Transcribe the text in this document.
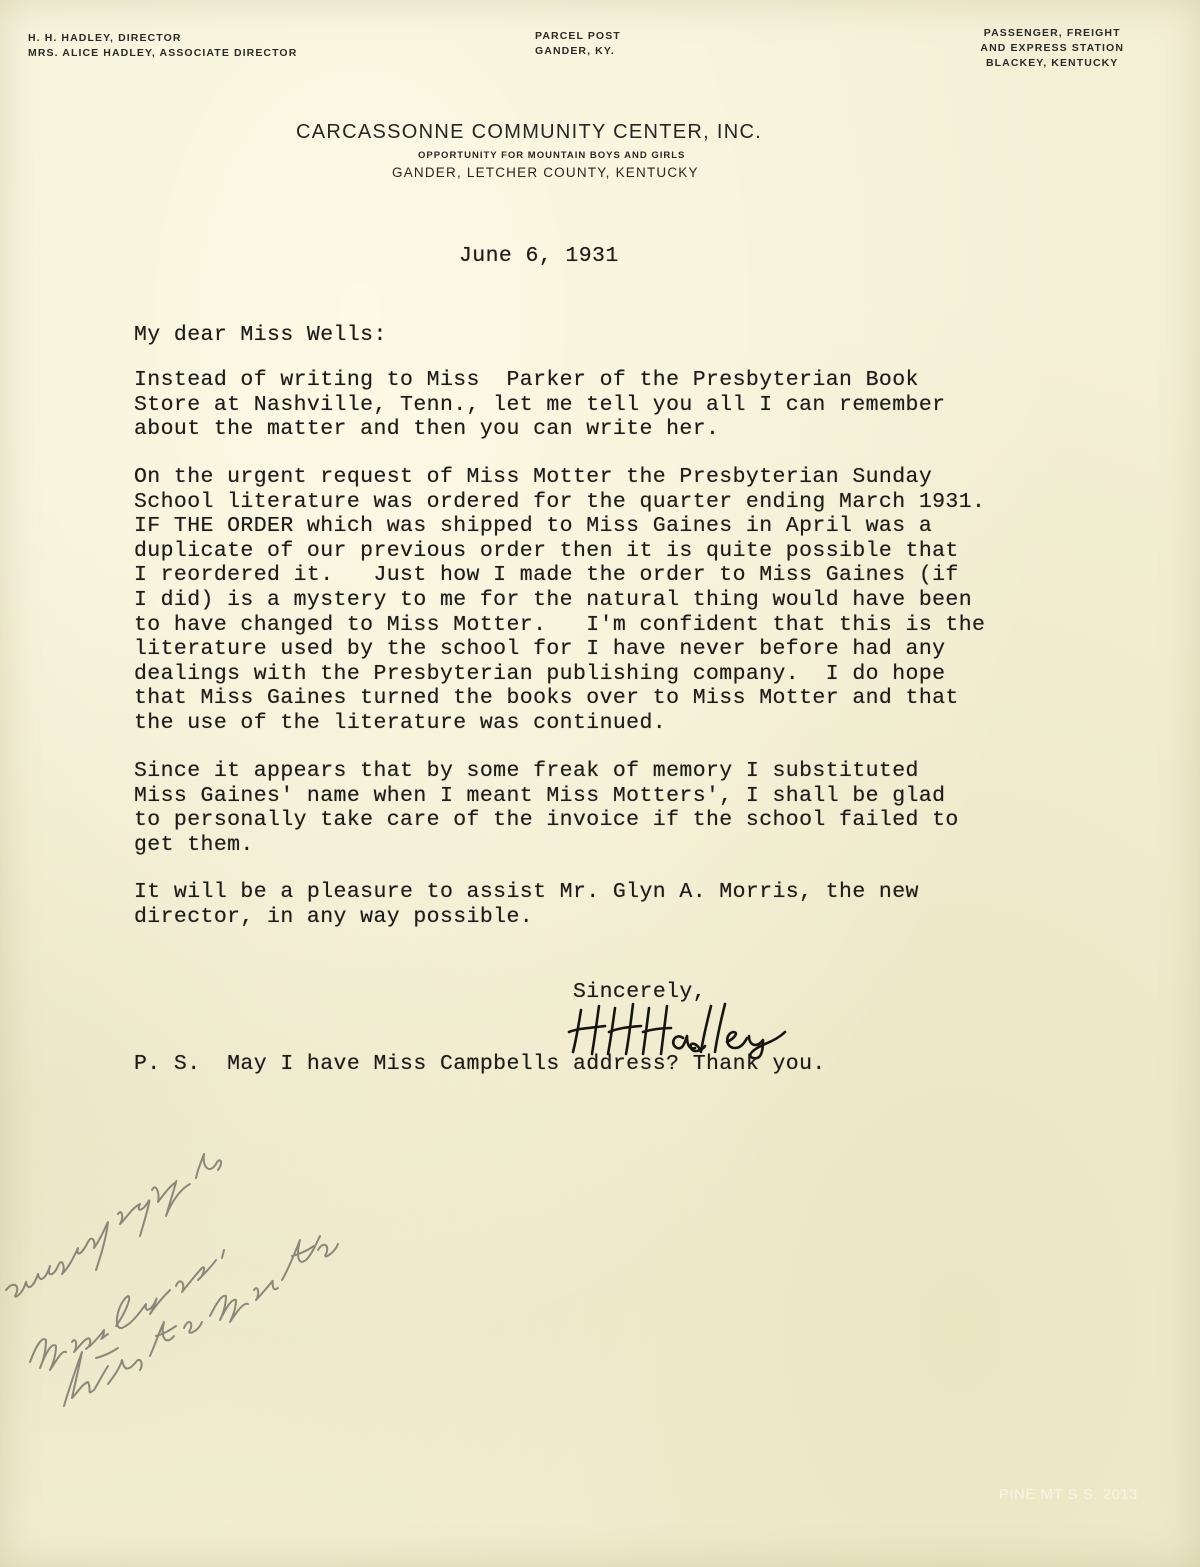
H. H. HADLEY, DIRECTOR
MRS. ALICE HADLEY, ASSOCIATE DIRECTOR
PARCEL POST
GANDER, KY.
PASSENGER, FREIGHT
AND EXPRESS STATION
BLACKEY, KENTUCKY
CARCASSONNE COMMUNITY CENTER, INC.
OPPORTUNITY FOR MOUNTAIN BOYS AND GIRLS
GANDER, LETCHER COUNTY, KENTUCKY
June 6, 1931
My dear Miss Wells:
Instead of writing to Miss  Parker of the Presbyterian Book
Store at Nashville, Tenn., let me tell you all I can remember
about the matter and then you can write her.
On the urgent request of Miss Motter the Presbyterian Sunday
School literature was ordered for the quarter ending March 1931.
IF THE ORDER which was shipped to Miss Gaines in April was a
duplicate of our previous order then it is quite possible that
I reordered it.   Just how I made the order to Miss Gaines (if
I did) is a mystery to me for the natural thing would have been
to have changed to Miss Motter.   I'm confident that this is the
literature used by the school for I have never before had any
dealings with the Presbyterian publishing company.  I do hope
that Miss Gaines turned the books over to Miss Motter and that
the use of the literature was continued.
Since it appears that by some freak of memory I substituted
Miss Gaines' name when I meant Miss Motters', I shall be glad
to personally take care of the invoice if the school failed to
get them.
It will be a pleasure to assist Mr. Glyn A. Morris, the new
director, in any way possible.
Sincerely,
P. S.  May I have Miss Campbells address? Thank you.
PINE MT S.S. 2013
